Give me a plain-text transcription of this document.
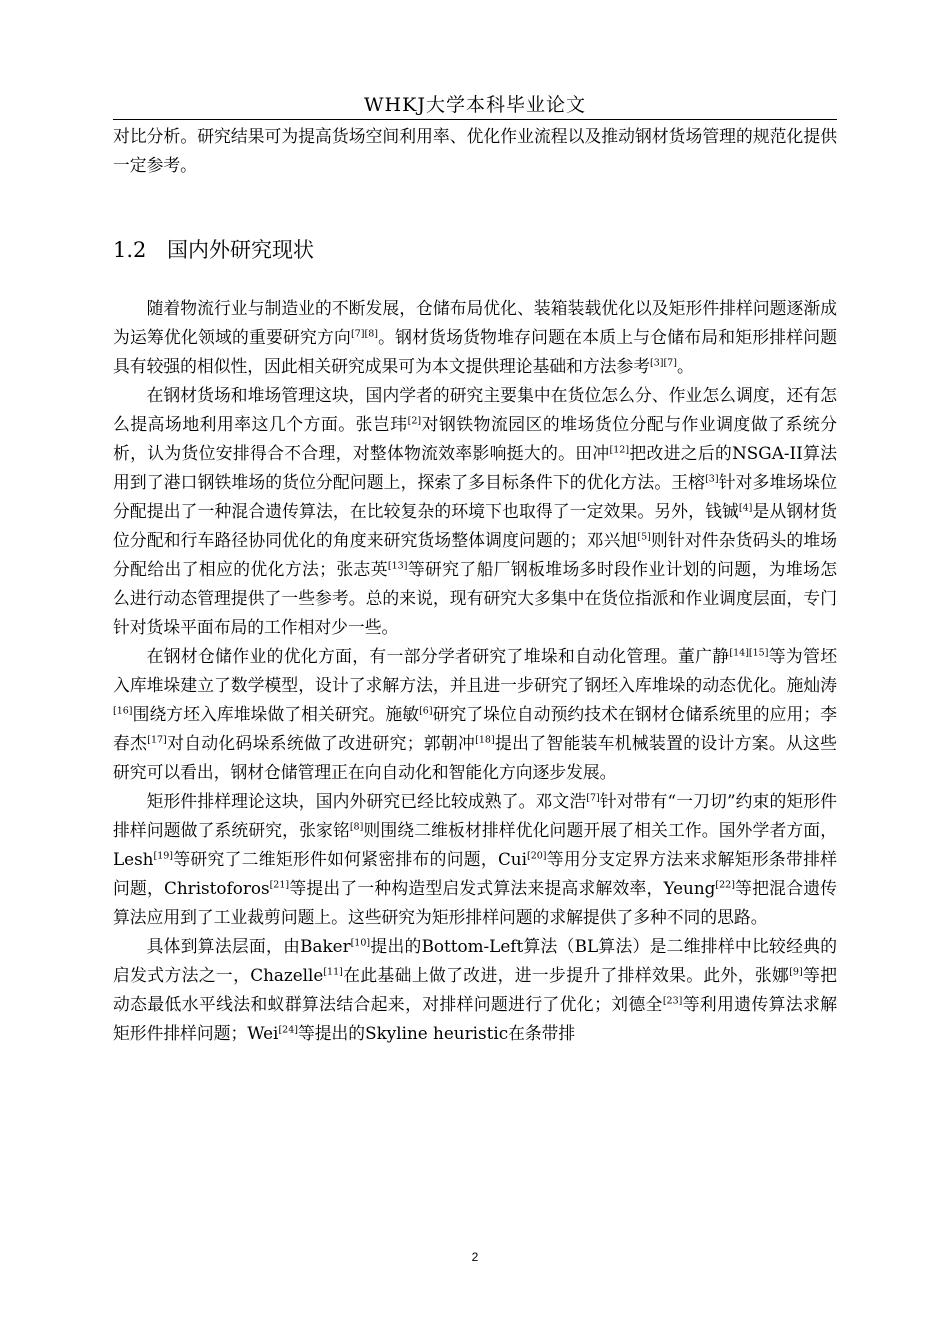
WHKJ大学本科毕业论文

对比分析。研究结果可为提高货场空间利用率、优化作业流程以及推动钢材货场管理的规范化提供一定参考。

1.2 国内外研究现状

随着物流行业与制造业的不断发展，仓储布局优化、装箱装载优化以及矩形件排样问题逐渐成为运筹优化领域的重要研究方向[7][8]。钢材货场货物堆存问题在本质上与仓储布局和矩形排样问题具有较强的相似性，因此相关研究成果可为本文提供理论基础和方法参考[3][7]。

在钢材货场和堆场管理这块，国内学者的研究主要集中在货位怎么分、作业怎么调度，还有怎么提高场地利用率这几个方面。张岂玮[2]对钢铁物流园区的堆场货位分配与作业调度做了系统分析，认为货位安排得合不合理，对整体物流效率影响挺大的。田冲[12]把改进之后的NSGA-II算法用到了港口钢铁堆场的货位分配问题上，探索了多目标条件下的优化方法。王榕[3]针对多堆场垛位分配提出了一种混合遗传算法，在比较复杂的环境下也取得了一定效果。另外，钱铖[4]是从钢材货位分配和行车路径协同优化的角度来研究货场整体调度问题的；邓兴旭[5]则针对件杂货码头的堆场分配给出了相应的优化方法；张志英[13]等研究了船厂钢板堆场多时段作业计划的问题，为堆场怎么进行动态管理提供了一些参考。总的来说，现有研究大多集中在货位指派和作业调度层面，专门针对货垛平面布局的工作相对少一些。

在钢材仓储作业的优化方面，有一部分学者研究了堆垛和自动化管理。董广静[14][15]等为管坯入库堆垛建立了数学模型，设计了求解方法，并且进一步研究了钢坯入库堆垛的动态优化。施灿涛[16]围绕方坯入库堆垛做了相关研究。施敏[6]研究了垛位自动预约技术在钢材仓储系统里的应用；李春杰[17]对自动化码垛系统做了改进研究；郭朝冲[18]提出了智能装车机械装置的设计方案。从这些研究可以看出，钢材仓储管理正在向自动化和智能化方向逐步发展。

矩形件排样理论这块，国内外研究已经比较成熟了。邓文浩[7]针对带有“一刀切”约束的矩形件排样问题做了系统研究，张家铭[8]则围绕二维板材排样优化问题开展了相关工作。国外学者方面，Lesh[19]等研究了二维矩形件如何紧密排布的问题，Cui[20]等用分支定界方法来求解矩形条带排样问题，Christoforos[21]等提出了一种构造型启发式算法来提高求解效率，Yeung[22]等把混合遗传算法应用到了工业裁剪问题上。这些研究为矩形排样问题的求解提供了多种不同的思路。

具体到算法层面，由Baker[10]提出的Bottom-Left算法（BL算法）是二维排样中比较经典的启发式方法之一，Chazelle[11]在此基础上做了改进，进一步提升了排样效果。此外，张娜[9]等把动态最低水平线法和蚁群算法结合起来，对排样问题进行了优化；刘德全[23]等利用遗传算法求解矩形件排样问题；Wei[24]等提出的Skyline heuristic在条带排

2
